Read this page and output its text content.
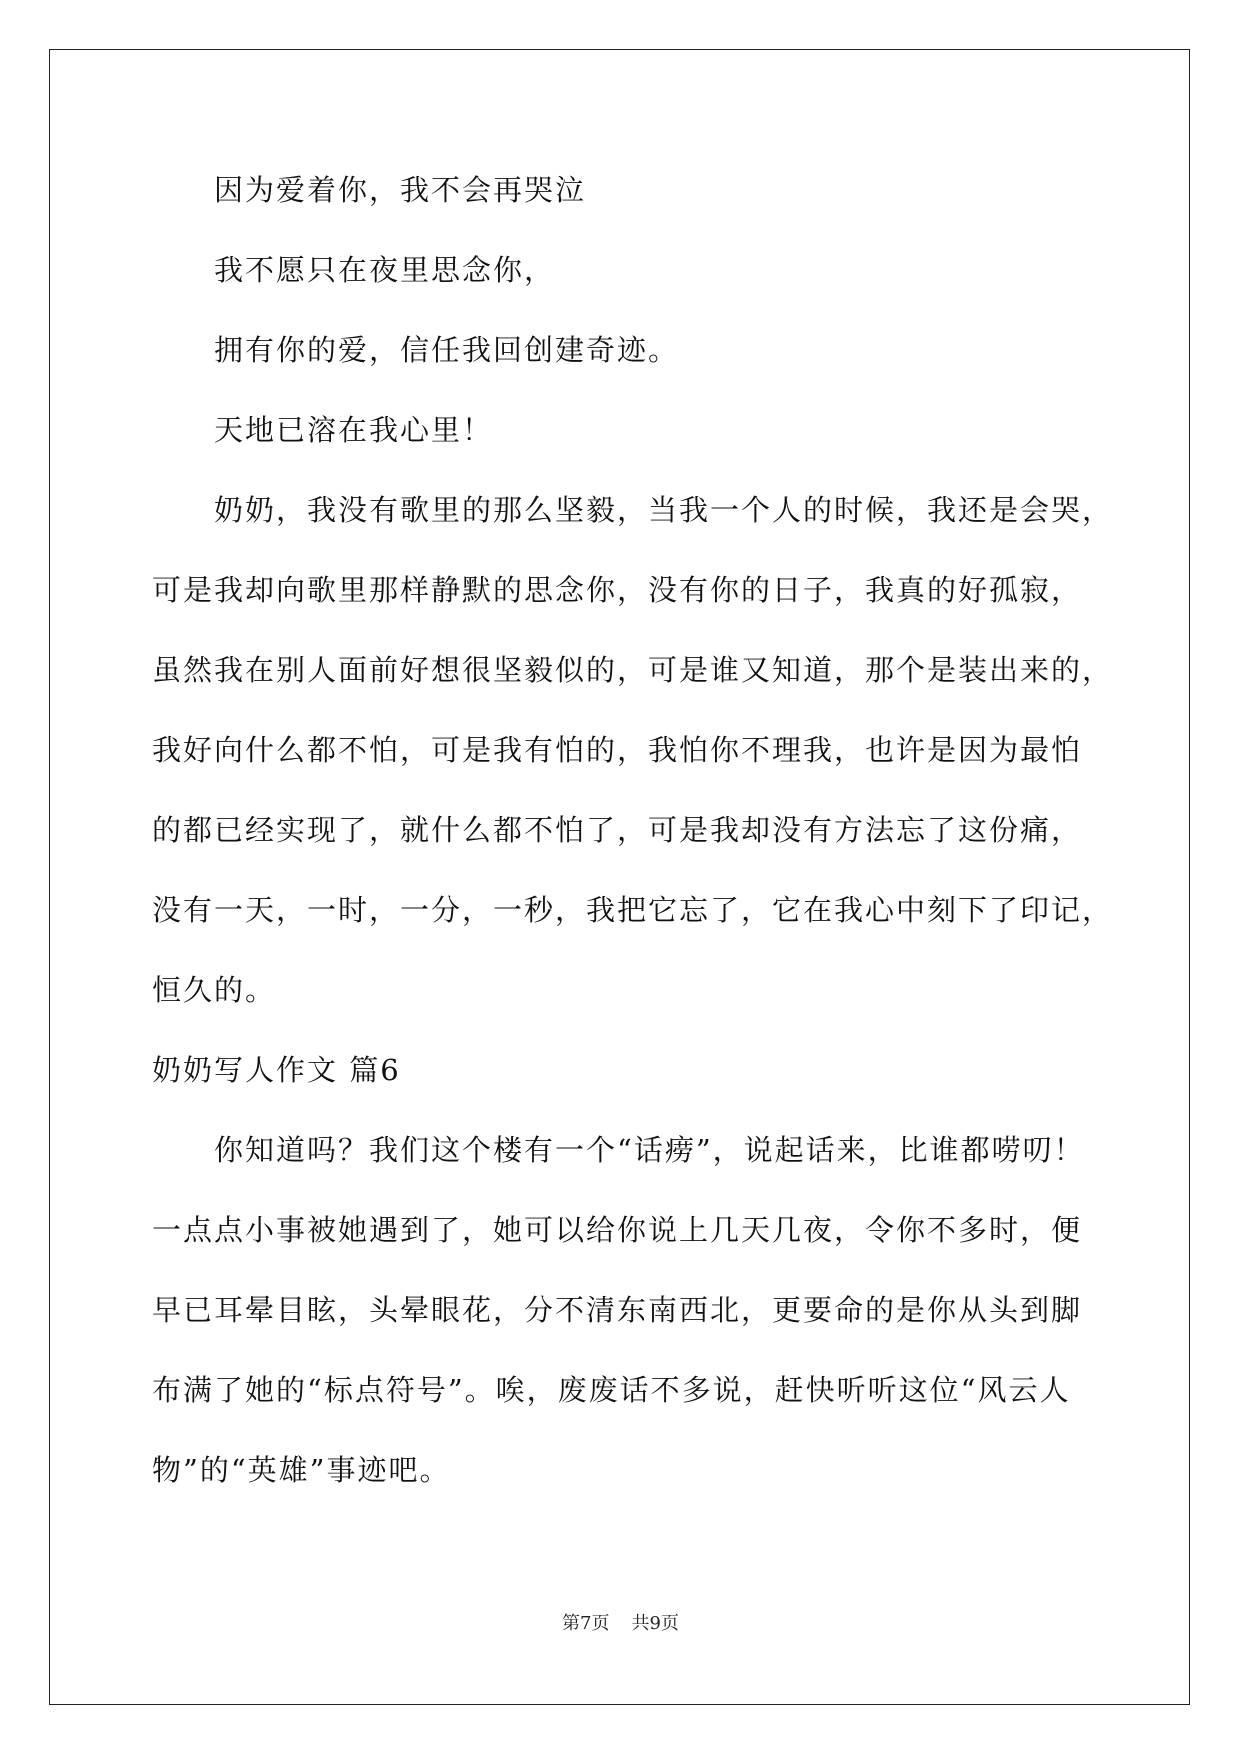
因为爱着你，我不会再哭泣
我不愿只在夜里思念你，
拥有你的爱，信任我回创建奇迹。
天地已溶在我心里！
奶奶，我没有歌里的那么坚毅，当我一个人的时候，我还是会哭，
可是我却向歌里那样静默的思念你，没有你的日子，我真的好孤寂，
虽然我在别人面前好想很坚毅似的，可是谁又知道，那个是装出来的，
我好向什么都不怕，可是我有怕的，我怕你不理我，也许是因为最怕
的都已经实现了，就什么都不怕了，可是我却没有方法忘了这份痛，
没有一天，一时，一分，一秒，我把它忘了，它在我心中刻下了印记，
恒久的。
奶奶写人作文 篇6
你知道吗？我们这个楼有一个“话痨”，说起话来，比谁都唠叨！
一点点小事被她遇到了，她可以给你说上几天几夜，令你不多时，便
早已耳晕目眩，头晕眼花，分不清东南西北，更要命的是你从头到脚
布满了她的“标点符号”。唉，废废话不多说，赶快听听这位“风云人
物”的“英雄”事迹吧。
第7页 共9页
